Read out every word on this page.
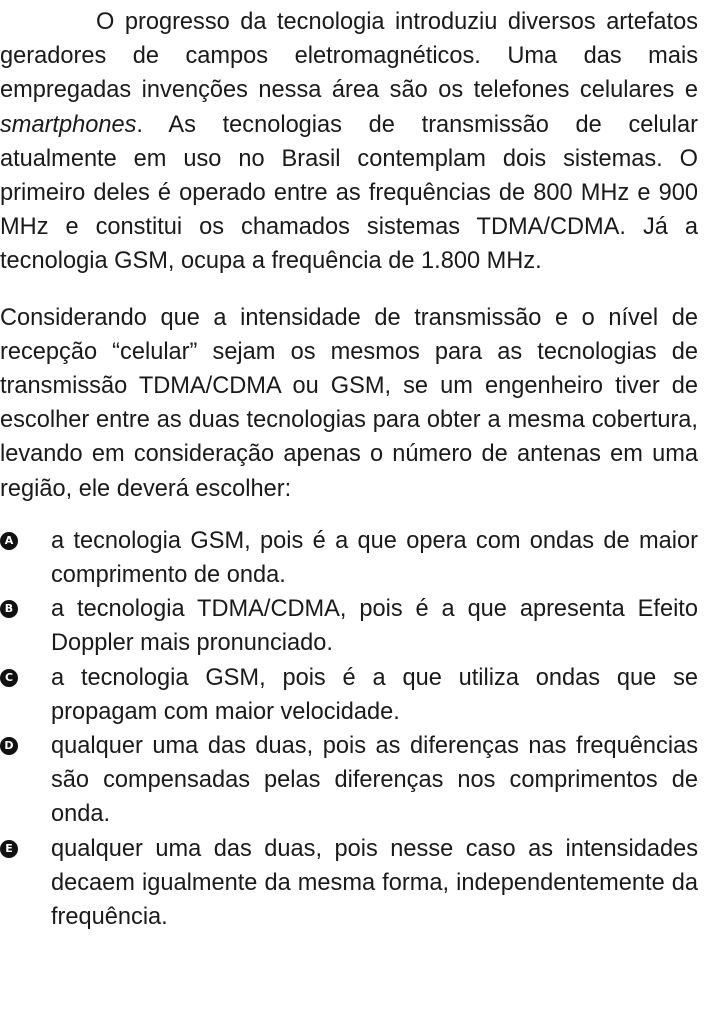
O progresso da tecnologia introduziu diversos artefatos geradores de campos eletromagnéticos. Uma das mais empregadas invenções nessa área são os telefones celulares e smartphones. As tecnologias de transmissão de celular atualmente em uso no Brasil contemplam dois sistemas. O primeiro deles é operado entre as frequências de 800 MHz e 900 MHz e constitui os chamados sistemas TDMA/CDMA. Já a tecnologia GSM, ocupa a frequência de 1.800 MHz.

Considerando que a intensidade de transmissão e o nível de recepção “celular” sejam os mesmos para as tecnologias de transmissão TDMA/CDMA ou GSM, se um engenheiro tiver de escolher entre as duas tecnologias para obter a mesma cobertura, levando em consideração apenas o número de antenas em uma região, ele deverá escolher:

A a tecnologia GSM, pois é a que opera com ondas de maior comprimento de onda.
B a tecnologia TDMA/CDMA, pois é a que apresenta Efeito Doppler mais pronunciado.
C a tecnologia GSM, pois é a que utiliza ondas que se propagam com maior velocidade.
D qualquer uma das duas, pois as diferenças nas frequências são compensadas pelas diferenças nos comprimentos de onda.
E qualquer uma das duas, pois nesse caso as intensidades decaem igualmente da mesma forma, independentemente da frequência.
